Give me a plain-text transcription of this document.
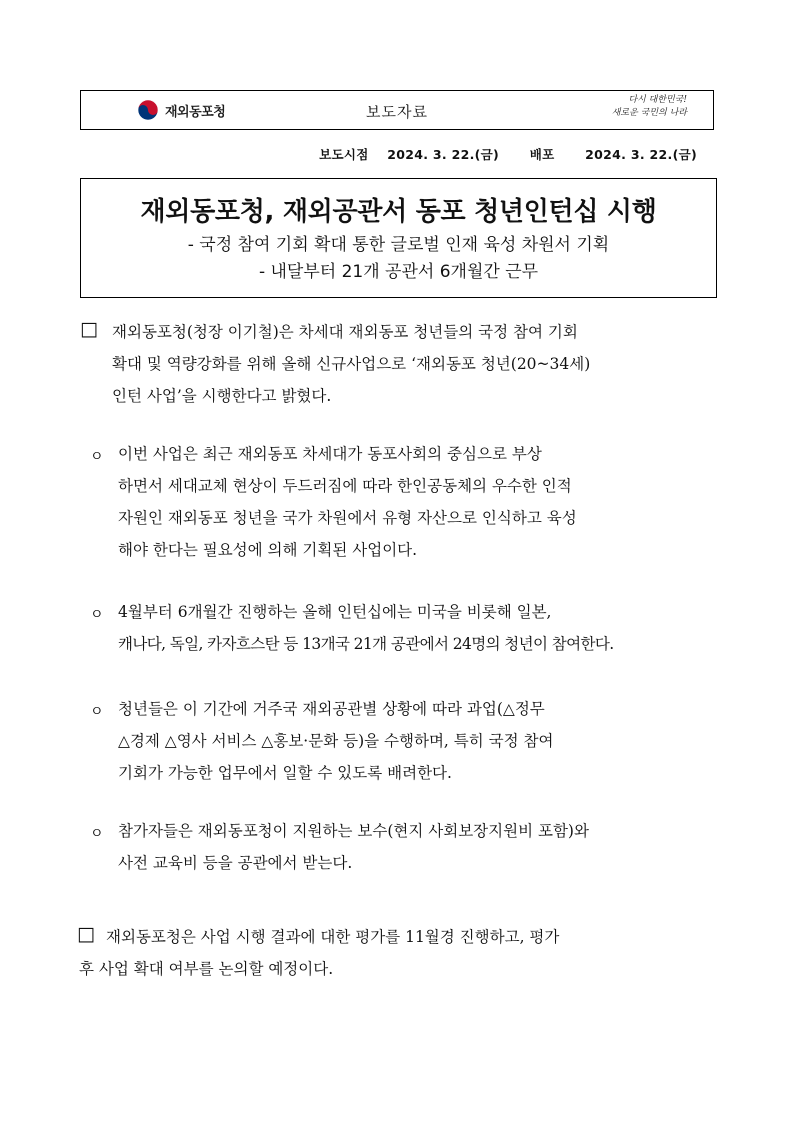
재외동포청	보도자료
다시 대한민국!
새로운 국민의 나라
보도시점 2024. 3. 22.(금) 배포 2024. 3. 22.(금)
재외동포청, 재외공관서 동포 청년인턴십 시행
- 국정 참여 기회 확대 통한 글로벌 인재 육성 차원서 기획
- 내달부터 21개 공관서 6개월간 근무
□ 재외동포청(청장 이기철)은 차세대 재외동포 청년들의 국정 참여 기회
확대 및 역량강화를 위해 올해 신규사업으로 ‘재외동포 청년(20~34세)
인턴 사업’을 시행한다고 밝혔다.
ㅇ 이번 사업은 최근 재외동포 차세대가 동포사회의 중심으로 부상
하면서 세대교체 현상이 두드러짐에 따라 한인공동체의 우수한 인적
자원인 재외동포 청년을 국가 차원에서 유형 자산으로 인식하고 육성
해야 한다는 필요성에 의해 기획된 사업이다.
ㅇ 4월부터 6개월간 진행하는 올해 인턴십에는 미국을 비롯해 일본,
캐나다, 독일, 카자흐스탄 등 13개국 21개 공관에서 24명의 청년이 참여한다.
ㅇ 청년들은 이 기간에 거주국 재외공관별 상황에 따라 과업(△정무
△경제 △영사 서비스 △홍보·문화 등)을 수행하며, 특히 국정 참여
기회가 가능한 업무에서 일할 수 있도록 배려한다.
ㅇ 참가자들은 재외동포청이 지원하는 보수(현지 사회보장지원비 포함)와
사전 교육비 등을 공관에서 받는다.
□ 재외동포청은 사업 시행 결과에 대한 평가를 11월경 진행하고, 평가
후 사업 확대 여부를 논의할 예정이다.
